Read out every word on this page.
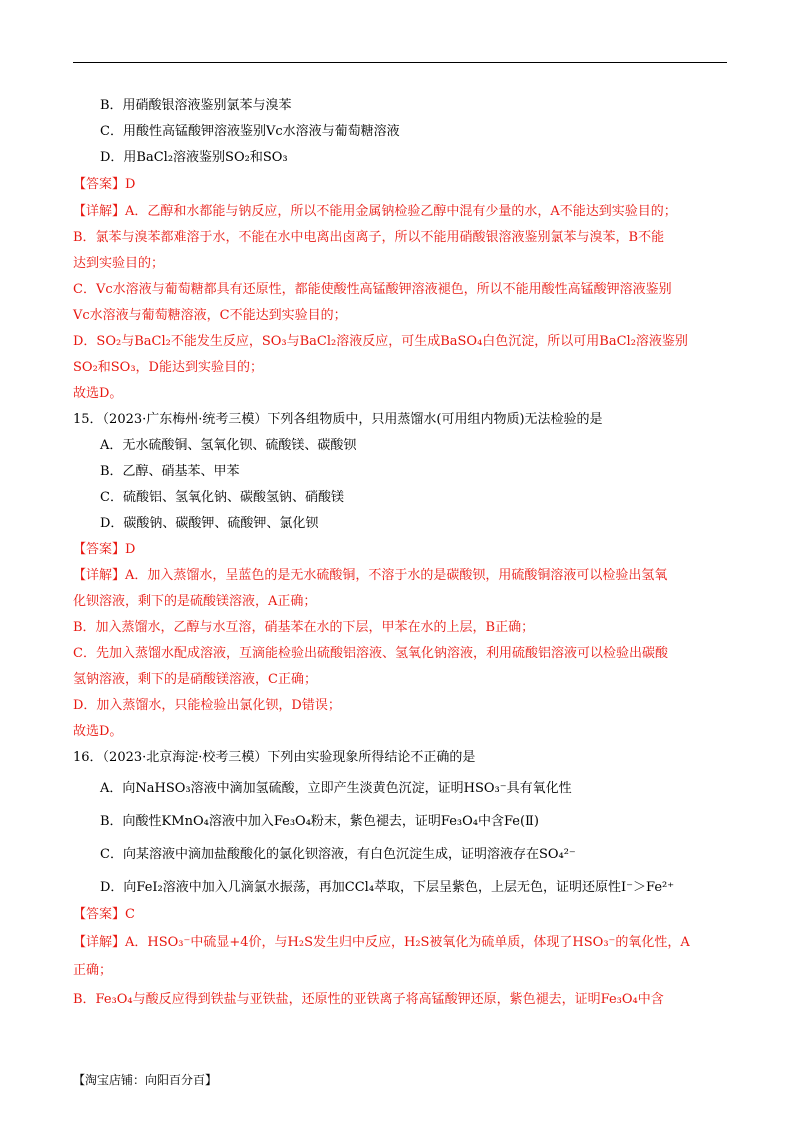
B．用硝酸银溶液鉴别氯苯与溴苯
C．用酸性高锰酸钾溶液鉴别Vc水溶液与葡萄糖溶液
D．用BaCl₂溶液鉴别SO₂和SO₃
【答案】D
【详解】A．乙醇和水都能与钠反应，所以不能用金属钠检验乙醇中混有少量的水，A不能达到实验目的；
B．氯苯与溴苯都难溶于水，不能在水中电离出卤离子，所以不能用硝酸银溶液鉴别氯苯与溴苯，B不能
达到实验目的；
C．Vc水溶液与葡萄糖都具有还原性，都能使酸性高锰酸钾溶液褪色，所以不能用酸性高锰酸钾溶液鉴别
Vc水溶液与葡萄糖溶液，C不能达到实验目的；
D．SO₂与BaCl₂不能发生反应，SO₃与BaCl₂溶液反应，可生成BaSO₄白色沉淀，所以可用BaCl₂溶液鉴别
SO₂和SO₃，D能达到实验目的；
故选D。
15．（2023·广东梅州·统考三模）下列各组物质中，只用蒸馏水(可用组内物质)无法检验的是
A．无水硫酸铜、氢氧化钡、硫酸镁、碳酸钡
B．乙醇、硝基苯、甲苯
C．硫酸铝、氢氧化钠、碳酸氢钠、硝酸镁
D．碳酸钠、碳酸钾、硫酸钾、氯化钡
【答案】D
【详解】A．加入蒸馏水，呈蓝色的是无水硫酸铜，不溶于水的是碳酸钡，用硫酸铜溶液可以检验出氢氧
化钡溶液，剩下的是硫酸镁溶液，A正确；
B．加入蒸馏水，乙醇与水互溶，硝基苯在水的下层，甲苯在水的上层，B正确；
C．先加入蒸馏水配成溶液，互滴能检验出硫酸铝溶液、氢氧化钠溶液，利用硫酸铝溶液可以检验出碳酸
氢钠溶液，剩下的是硝酸镁溶液，C正确；
D．加入蒸馏水，只能检验出氯化钡，D错误；
故选D。
16．（2023·北京海淀·校考三模）下列由实验现象所得结论不正确的是
A．向NaHSO₃溶液中滴加氢硫酸，立即产生淡黄色沉淀，证明HSO₃⁻具有氧化性
B．向酸性KMnO₄溶液中加入Fe₃O₄粉末，紫色褪去，证明Fe₃O₄中含Fe(Ⅱ)
C．向某溶液中滴加盐酸酸化的氯化钡溶液，有白色沉淀生成，证明溶液存在SO₄²⁻
D．向FeI₂溶液中加入几滴氯水振荡，再加CCl₄萃取，下层呈紫色，上层无色，证明还原性I⁻＞Fe²⁺
【答案】C
【详解】A．HSO₃⁻中硫显+4价，与H₂S发生归中反应，H₂S被氧化为硫单质，体现了HSO₃⁻的氧化性，A
正确；
B．Fe₃O₄与酸反应得到铁盐与亚铁盐，还原性的亚铁离子将高锰酸钾还原，紫色褪去，证明Fe₃O₄中含
【淘宝店铺：向阳百分百】
